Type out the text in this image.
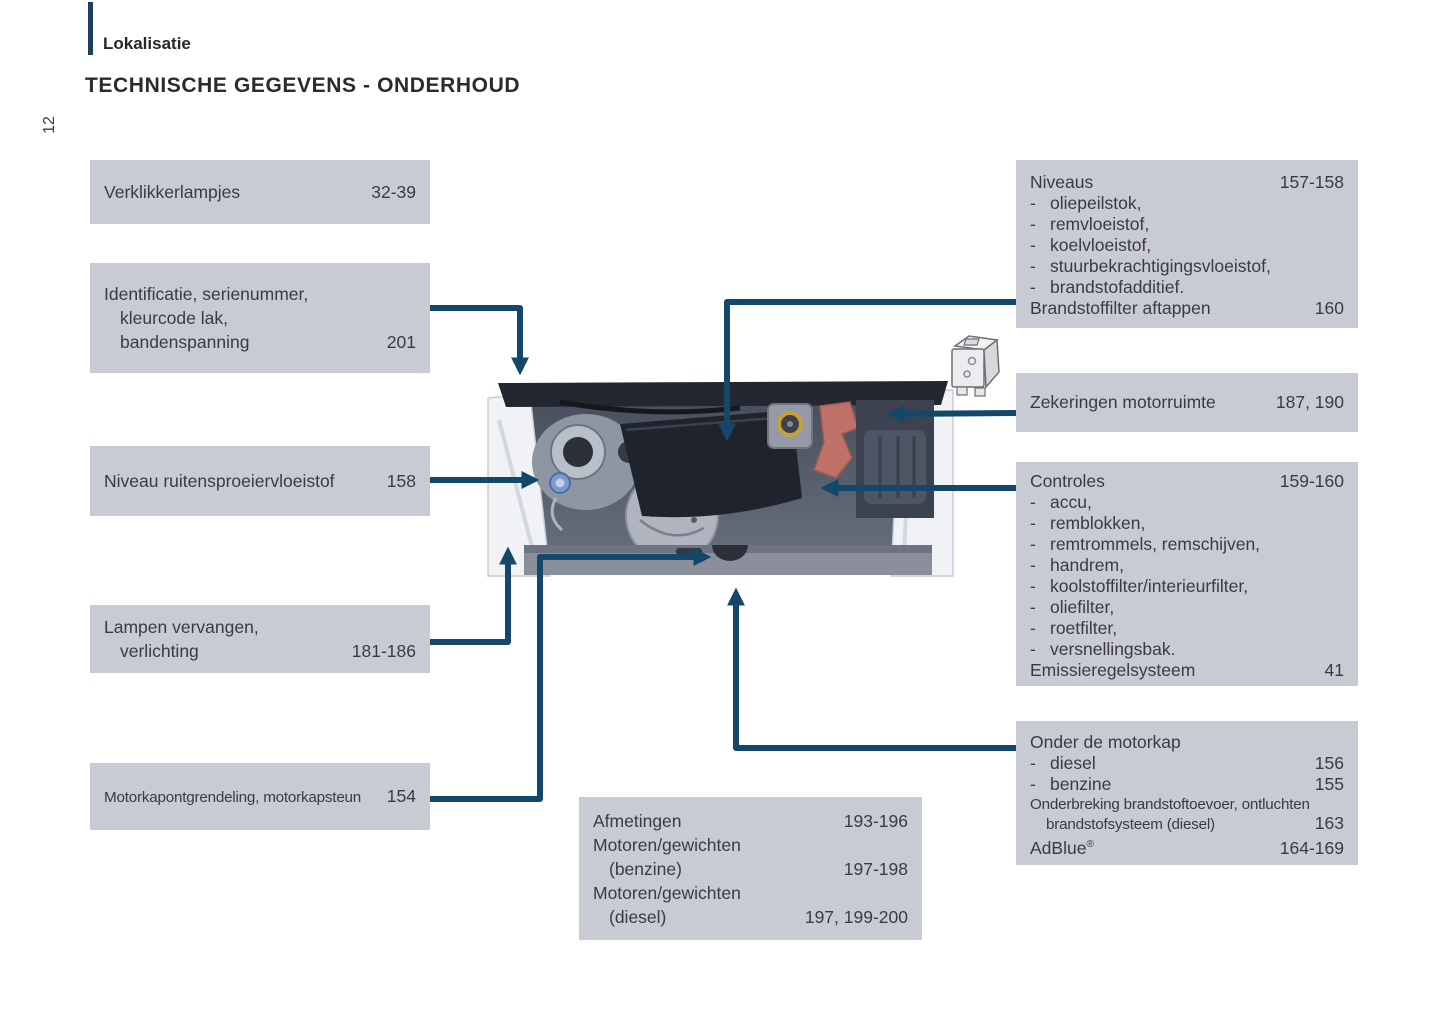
Lokalisatie
TECHNISCHE GEGEVENS - ONDERHOUD
12
Verklikkerlampjes	32-39
Identificatie, serienummer,
kleurcode lak,
bandenspanning	201
Niveau ruitensproeiervloeistof	158
Lampen vervangen,
verlichting	181-186
Motorkapontgrendeling, motorkapsteun	154
Afmetingen	193-196
Motoren/gewichten
(benzine)	197-198
Motoren/gewichten
(diesel)	197, 199-200
Niveaus	157-158
- oliepeilstok,
- remvloeistof,
- koelvloeistof,
- stuurbekrachtigingsvloeistof,
- brandstofadditief.
Brandstoffilter aftappen	160
Zekeringen motorruimte	187, 190
Controles	159-160
- accu,
- remblokken,
- remtrommels, remschijven,
- handrem,
- koolstoffilter/interieurfilter,
- oliefilter,
- roetfilter,
- versnellingsbak.
Emissieregelsysteem	41
Onder de motorkap
- diesel	156
- benzine	155
Onderbreking brandstoftoevoer, ontluchten
brandstofsysteem (diesel)	163
AdBlue®	164-169
